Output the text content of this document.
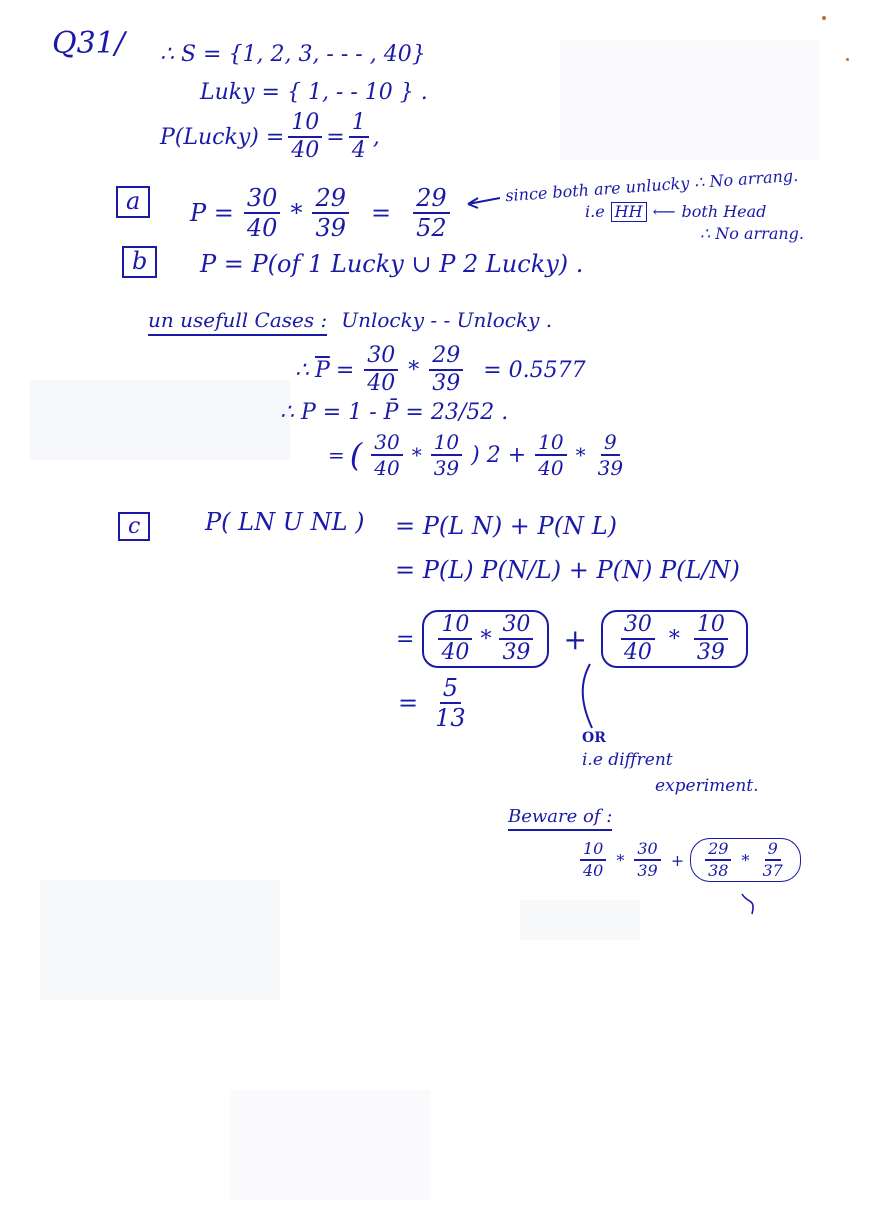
Q31/ ∴ S = {1, 2, 3, - - - , 40}
Luky = { 1, - - 10 } .
P(Lucky) = $\frac{10}{40} = \frac{1}{4}$ ,
a	$P = \frac{30}{40} * \frac{29}{39} = \frac{29}{52}$
since both are unlucky ∴ No arrang.
i.e HH ⟵ both Head
∴ No arrang.
b	P = P(of 1 Lucky ∪ P 2 Lucky) .
un usefull Cases : Unlocky - - Unlocky .
∴ $\overline{P} = \frac{30}{40} * \frac{29}{39} = 0.5577$
∴ P = 1 - P̄ = 23/52 .
= ( $\frac{30}{40} * \frac{10}{39}$ ) $2 + \frac{10}{40} * \frac{9}{39}$
c	P( LN U NL ) = P(L N) + P(N L)
= P(L) P(N/L) + P(N) P(L/N)
= $\frac{10}{40} * \frac{30}{39} + \frac{30}{40} * \frac{10}{39}$
= $\frac{5}{13}$
OR
i.e diffrent
experiment.
Beware of :
$\frac{10}{40} * \frac{30}{39} + \frac{29}{38} * \frac{9}{37}$
